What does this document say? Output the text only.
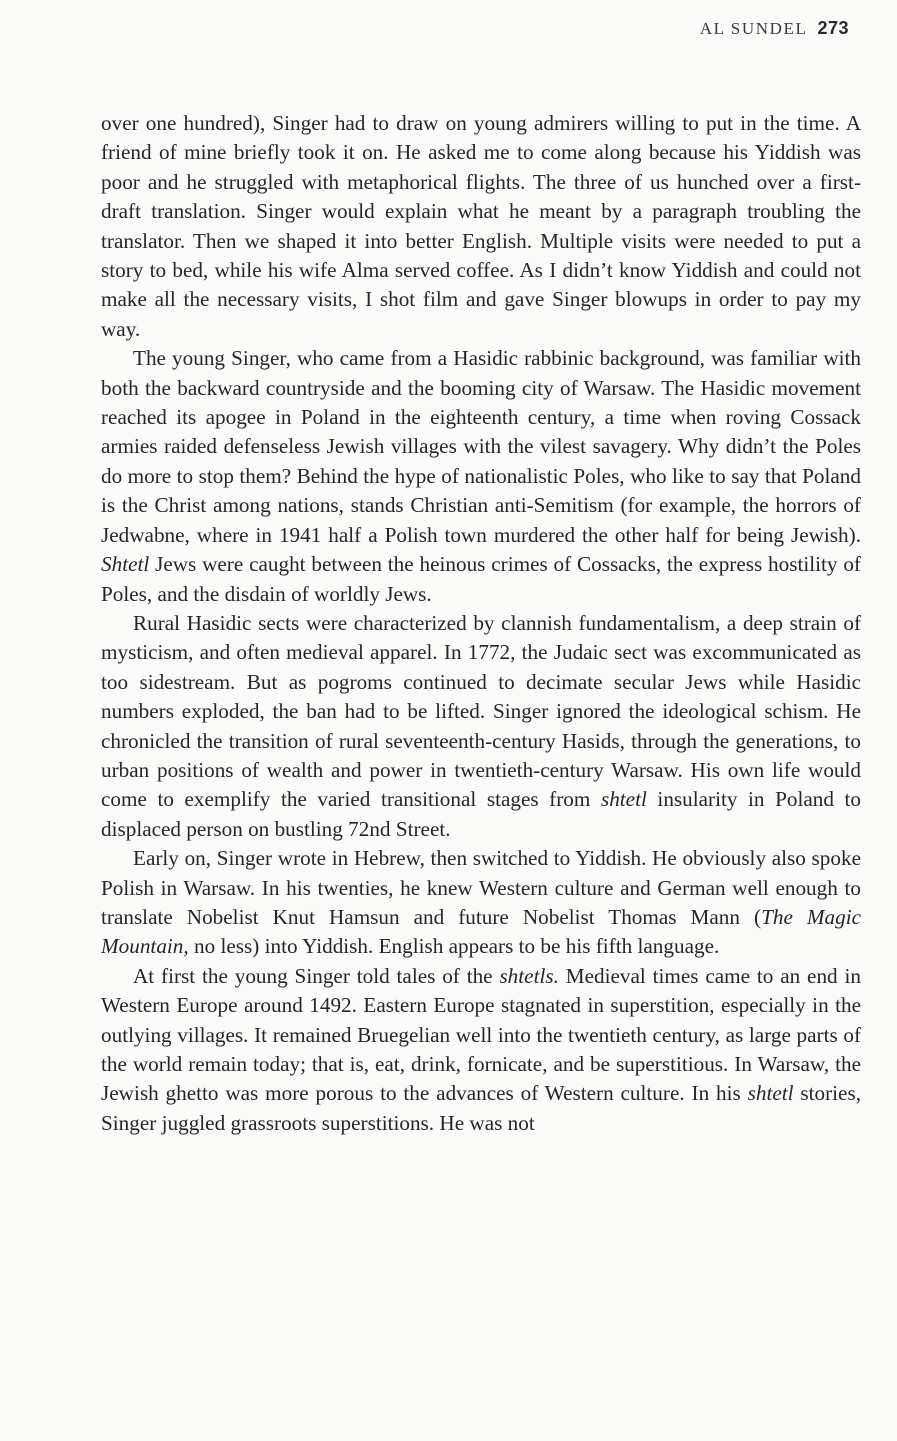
AL SUNDEL 273

over one hundred), Singer had to draw on young admirers willing to put in the time. A friend of mine briefly took it on. He asked me to come along because his Yiddish was poor and he struggled with metaphorical flights. The three of us hunched over a first-draft translation. Singer would explain what he meant by a paragraph troubling the translator. Then we shaped it into better English. Multiple visits were needed to put a story to bed, while his wife Alma served coffee. As I didn’t know Yiddish and could not make all the necessary visits, I shot film and gave Singer blowups in order to pay my way.

The young Singer, who came from a Hasidic rabbinic background, was familiar with both the backward countryside and the booming city of Warsaw. The Hasidic movement reached its apogee in Poland in the eighteenth century, a time when roving Cossack armies raided defenseless Jewish villages with the vilest savagery. Why didn’t the Poles do more to stop them? Behind the hype of nationalistic Poles, who like to say that Poland is the Christ among nations, stands Christian anti-Semitism (for example, the horrors of Jedwabne, where in 1941 half a Polish town murdered the other half for being Jewish). Shtetl Jews were caught between the heinous crimes of Cossacks, the express hostility of Poles, and the disdain of worldly Jews.

Rural Hasidic sects were characterized by clannish fundamentalism, a deep strain of mysticism, and often medieval apparel. In 1772, the Judaic sect was excommunicated as too sidestream. But as pogroms continued to decimate secular Jews while Hasidic numbers exploded, the ban had to be lifted. Singer ignored the ideological schism. He chronicled the transition of rural seventeenth-century Hasids, through the generations, to urban positions of wealth and power in twentieth-century Warsaw. His own life would come to exemplify the varied transitional stages from shtetl insularity in Poland to displaced person on bustling 72nd Street.

Early on, Singer wrote in Hebrew, then switched to Yiddish. He obviously also spoke Polish in Warsaw. In his twenties, he knew Western culture and German well enough to translate Nobelist Knut Hamsun and future Nobelist Thomas Mann (The Magic Mountain, no less) into Yiddish. English appears to be his fifth language.

At first the young Singer told tales of the shtetls. Medieval times came to an end in Western Europe around 1492. Eastern Europe stagnated in superstition, especially in the outlying villages. It remained Bruegelian well into the twentieth century, as large parts of the world remain today; that is, eat, drink, fornicate, and be superstitious. In Warsaw, the Jewish ghetto was more porous to the advances of Western culture. In his shtetl stories, Singer juggled grassroots superstitions. He was not
